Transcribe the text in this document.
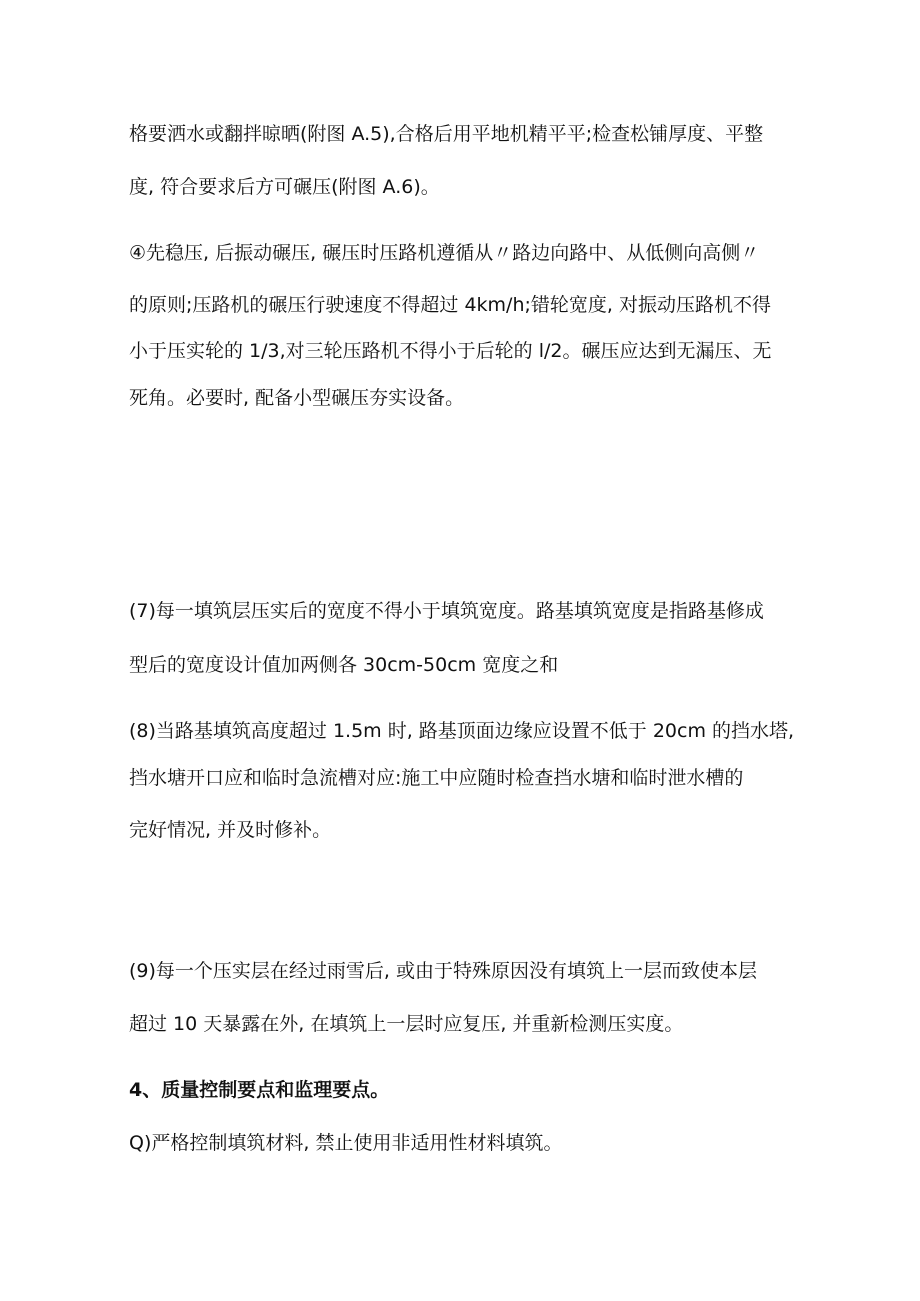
格要洒水或翻拌晾晒(附图 A.5),合格后用平地机精平平;检查松铺厚度、平整
度, 符合要求后方可碾压(附图 A.6)。
④先稳压, 后振动碾压, 碾压时压路机遵循从〃路边向路中、从低侧向高侧〃
的原则;压路机的碾压行驶速度不得超过 4km/h;错轮宽度, 对振动压路机不得
小于压实轮的 1/3,对三轮压路机不得小于后轮的 l/2。碾压应达到无漏压、无
死角。必要时, 配备小型碾压夯实设备。
(7)每一填筑层压实后的宽度不得小于填筑宽度。路基填筑宽度是指路基修成
型后的宽度设计值加两侧各 30cm-50cm 宽度之和
(8)当路基填筑高度超过 1.5m 时, 路基顶面边缘应设置不低于 20cm 的挡水塔,
挡水塘开口应和临时急流槽对应:施工中应随时检查挡水塘和临时泄水槽的
完好情况, 并及时修补。
(9)每一个压实层在经过雨雪后, 或由于特殊原因没有填筑上一层而致使本层
超过 10 天暴露在外, 在填筑上一层时应复压, 并重新检测压实度。
4、质量控制要点和监理要点。
Q)严格控制填筑材料, 禁止使用非适用性材料填筑。
